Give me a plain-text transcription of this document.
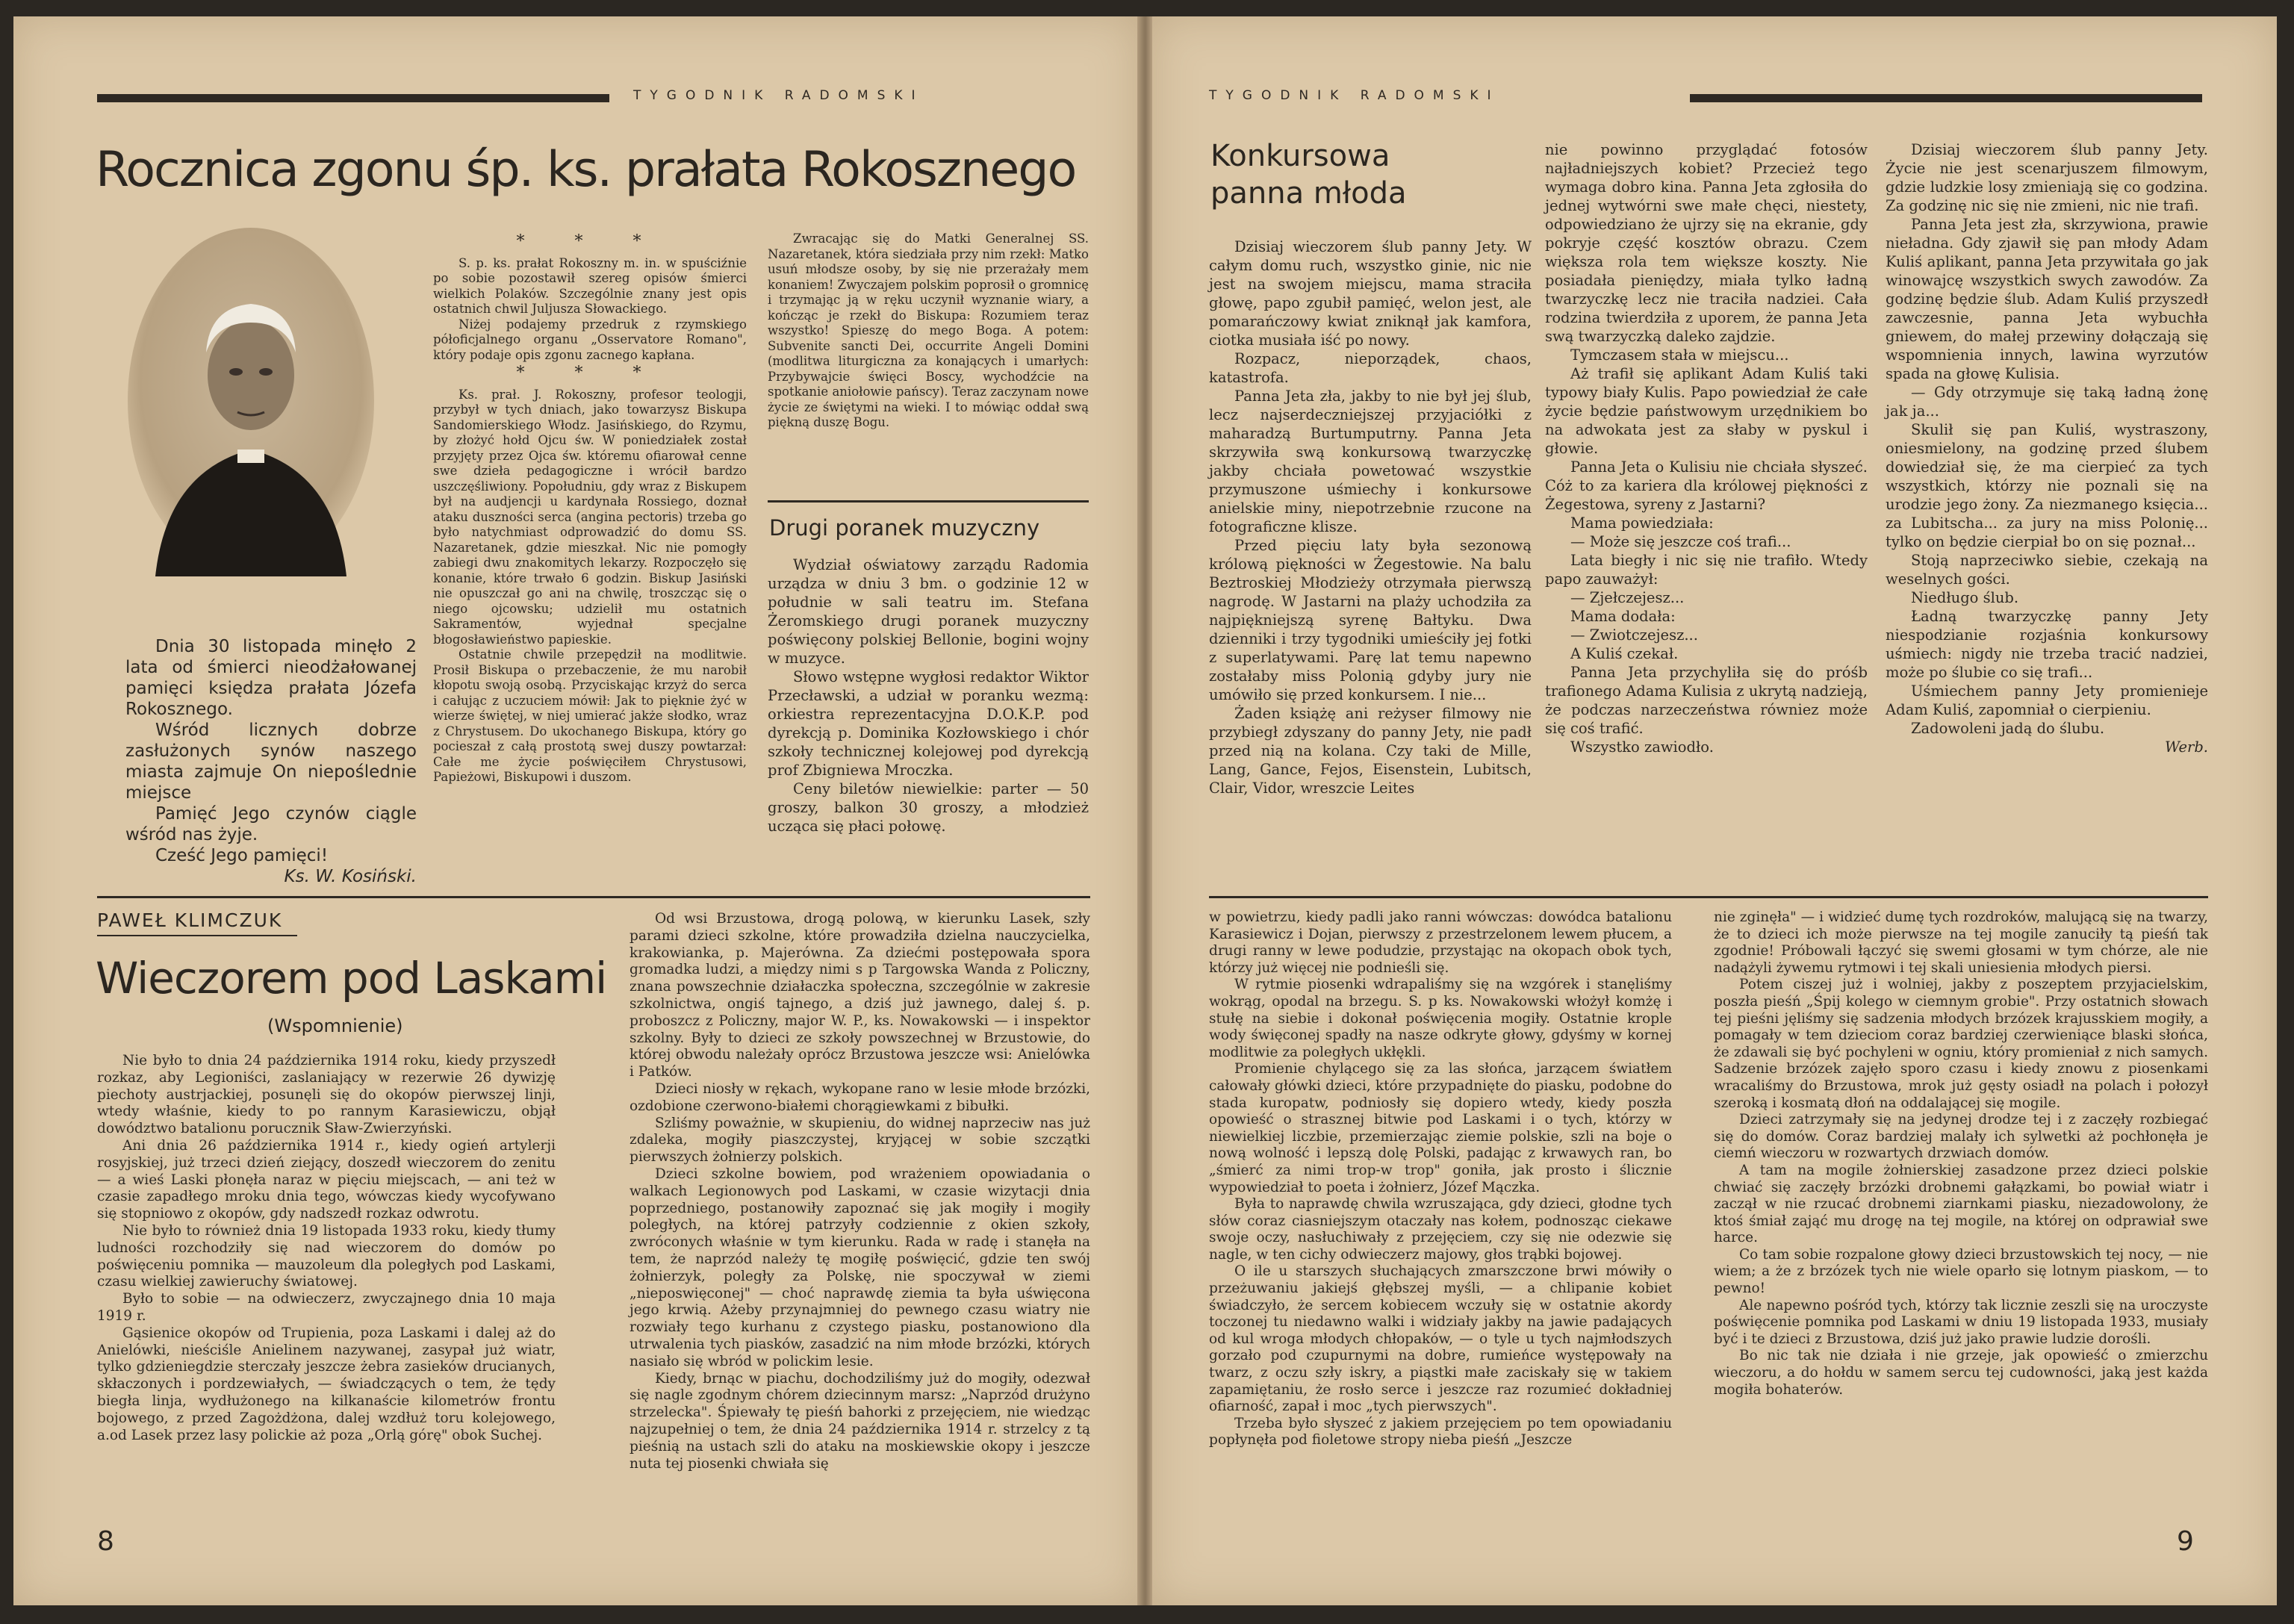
TYGODNIK RADOMSKI
Rocznica zgonu śp. ks. prałata Rokosznego

Dnia 30 listopada minęło 2 lata od śmierci nieodżałowanej pamięci księdza prałata Józefa Rokosznego.

Wśród licznych dobrze zasłużonych synów naszego miasta zajmuje On niepoślednie miejsce

Pamięć Jego czynów ciągle wśród nas żyje.

Cześć Jego pamięci!

Ks. W. Kosiński.

* * *

S. p. ks. prałat Rokoszny m. in. w spuściźnie po sobie pozostawił szereg opisów śmierci wielkich Polaków. Szczególnie znany jest opis ostatnich chwil Juljusza Słowackiego.

Niżej podajemy przedruk z rzymskiego półoficjalnego organu „Osservatore Romano", który podaje opis zgonu zacnego kapłana.

* * *

Ks. prał. J. Rokoszny, profesor teologji, przybył w tych dniach, jako towarzysz Biskupa Sandomierskiego Włodz. Jasińskiego, do Rzymu, by złożyć hołd Ojcu św. W poniedziałek został przyjęty przez Ojca św. któremu ofiarował cenne swe dzieła pedagogiczne i wrócił bardzo uszczęśliwiony. Popołudniu, gdy wraz z Biskupem był na audjencji u kardynała Rossiego, doznał ataku duszności serca (angina pectoris) trzeba go było natychmiast odprowadzić do domu SS. Nazaretanek, gdzie mieszkał. Nic nie pomogły zabiegi dwu znakomitych lekarzy. Rozpoczęło się konanie, które trwało 6 godzin. Biskup Jasiński nie opuszczał go ani na chwilę, troszcząc się o niego ojcowsku; udzielił mu ostatnich Sakramentów, wyjednał specjalne błogosławieństwo papieskie.

Ostatnie chwile przepędził na modlitwie. Prosił Biskupa o przebaczenie, że mu narobił kłopotu swoją osobą. Przyciskając krzyż do serca i całując z uczuciem mówił: Jak to pięknie żyć w wierze świętej, w niej umierać jakże słodko, wraz z Chrystusem. Do ukochanego Biskupa, który go pocieszał z całą prostotą swej duszy powtarzał: Całe me życie poświęciłem Chrystusowi, Papieżowi, Biskupowi i duszom.

Zwracając się do Matki Generalnej SS. Nazaretanek, która siedziała przy nim rzekł: Matko usuń młodsze osoby, by się nie przerażały mem konaniem! Zwyczajem polskim poprosił o gromnicę i trzymając ją w ręku uczynił wyznanie wiary, a kończąc je rzekł do Biskupa: Rozumiem teraz wszystko! Spieszę do mego Boga. A potem: Subvenite sancti Dei, occurrite Angeli Domini (modlitwa liturgiczna za konających i umarłych: Przybywajcie święci Boscy, wychodźcie na spotkanie aniołowie pańscy). Teraz zaczynam nowe życie ze świętymi na wieki. I to mówiąc oddał swą piękną duszę Bogu.

Drugi poranek muzyczny

Wydział oświatowy zarządu Radomia urządza w dniu 3 bm. o godzinie 12 w południe w sali teatru im. Stefana Żeromskiego drugi poranek muzyczny poświęcony polskiej Bellonie, bogini wojny w muzyce.

Słowo wstępne wygłosi redaktor Wiktor Przecławski, a udział w poranku wezmą: orkiestra reprezentacyjna D.O.K.P. pod dyrekcją p. Dominika Kozłowskiego i chór szkoły technicznej kolejowej pod dyrekcją prof Zbigniewa Mroczka.

Ceny biletów niewielkie: parter — 50 groszy, balkon 30 groszy, a młodzież ucząca się płaci połowę.

PAWEŁ KLIMCZUK
Wieczorem pod Laskami
(Wspomnienie)

Nie było to dnia 24 października 1914 roku, kiedy przyszedł rozkaz, aby Legioniści, zaslaniający w rezerwie 26 dywizję piechoty austrjackiej, posunęli się do okopów pierwszej linji, wtedy właśnie, kiedy to po rannym Karasiewiczu, objął dowództwo batalionu porucznik Sław-Zwierzyński.

Ani dnia 26 października 1914 r., kiedy ogień artylerji rosyjskiej, już trzeci dzień ziejący, doszedł wieczorem do zenitu — a wieś Laski płonęła naraz w pięciu miejscach, — ani też w czasie zapadłego mroku dnia tego, wówczas kiedy wycofywano się stopniowo z okopów, gdy nadszedł rozkaz odwrotu.

Nie było to również dnia 19 listopada 1933 roku, kiedy tłumy ludności rozchodziły się nad wieczorem do domów po poświęceniu pomnika — mauzoleum dla poległych pod Laskami, czasu wielkiej zawieruchy światowej.

Było to sobie — na odwieczerz, zwyczajnego dnia 10 maja 1919 r.

Gąsienice okopów od Trupienia, poza Laskami i dalej aż do Anielówki, nieściśle Anielinem nazywanej, zasypał już wiatr, tylko gdzieniegdzie sterczały jeszcze żebra zasieków drucianych, skłaczonych i pordzewiałych, — świadczących o tem, że tędy biegła linja, wydłużonego na kilkanaście kilometrów frontu bojowego, z przed Zagożdżona, dalej wzdłuż toru kolejowego, a.od Lasek przez lasy polickie aż poza „Orlą górę" obok Suchej.

Od wsi Brzustowa, drogą polową, w kierunku Lasek, szły parami dzieci szkolne, które prowadziła dzielna nauczycielka, krakowianka, p. Majerówna. Za dziećmi postępowała spora gromadka ludzi, a między nimi s p Targowska Wanda z Policzny, znana powszechnie działaczka społeczna, szczególnie w zakresie szkolnictwa, ongiś tajnego, a dziś już jawnego, dalej ś. p. proboszcz z Policzny, major W. P., ks. Nowakowski — i inspektor szkolny. Były to dzieci ze szkoły powszechnej w Brzustowie, do której obwodu należały oprócz Brzustowa jeszcze wsi: Anielówka i Patków.

Dzieci niosły w rękach, wykopane rano w lesie młode brzózki, ozdobione czerwono-białemi chorągiewkami z bibułki.

Szliśmy poważnie, w skupieniu, do widnej naprzeciw nas już zdaleka, mogiły piaszczystej, kryjącej w sobie szczątki pierwszych żołnierzy polskich.

Dzieci szkolne bowiem, pod wrażeniem opowiadania o walkach Legionowych pod Laskami, w czasie wizytacji dnia poprzedniego, postanowiły zapoznać się jak mogiły i mogiły poległych, na której patrzyły codziennie z okien szkoły, zwróconych właśnie w tym kierunku. Rada w radę i stanęła na tem, że naprzód należy tę mogiłę poświęcić, gdzie ten swój żołnierzyk, poległy za Polskę, nie spoczywał w ziemi „nieposwięconej" — choć naprawdę ziemia ta była uświęcona jego krwią. Ażeby przynajmniej do pewnego czasu wiatry nie rozwiały tego kurhanu z czystego piasku, postanowiono dla utrwalenia tych piasków, zasadzić na nim młode brzózki, których nasiało się wbród w polickim lesie.

Kiedy, brnąc w piachu, dochodziliśmy już do mogiły, odezwał się nagle zgodnym chórem dziecinnym marsz: „Naprzód drużyno strzelecka". Śpiewały tę pieśń bahorki z przejęciem, nie wiedząc najzupełniej o tem, że dnia 24 października 1914 r. strzelcy z tą pieśnią na ustach szli do ataku na moskiewskie okopy i jeszcze nuta tej piosenki chwiała się

8
TYGODNIK RADOMSKI
Konkursowa
panna młoda

Dzisiaj wieczorem ślub panny Jety. W całym domu ruch, wszystko ginie, nic nie jest na swojem miejscu, mama straciła głowę, papo zgubił pamięć, welon jest, ale pomarańczowy kwiat zniknął jak kamfora, ciotka musiała iść po nowy.

Rozpacz, nieporządek, chaos, katastrofa.

Panna Jeta zła, jakby to nie był jej ślub, lecz najserdeczniejszej przyjaciółki z maharadzą Burtumputrny. Panna Jeta skrzywiła swą konkursową twarzyczkę jakby chciała powetować wszystkie przymuszone uśmiechy i konkursowe anielskie miny, niepotrzebnie rzucone na fotograficzne klisze.

Przed pięciu laty była sezonową królową piękności w Żegestowie. Na balu Beztroskiej Młodzieży otrzymała pierwszą nagrodę. W Jastarni na plaży uchodziła za najpiękniejszą syrenę Bałtyku. Dwa dzienniki i trzy tygodniki umieściły jej fotki z superlatywami. Parę lat temu napewno zostałaby miss Polonią gdyby jury nie umówiło się przed konkursem. I nie...

Żaden książę ani reżyser filmowy nie przybiegł zdyszany do panny Jety, nie padł przed nią na kolana. Czy taki de Mille, Lang, Gance, Fejos, Eisenstein, Lubitsch, Clair, Vidor, wreszcie Leites

nie powinno przyglądać fotosów najładniejszych kobiet? Przecież tego wymaga dobro kina. Panna Jeta zgłosiła do jednej wytwórni swe małe chęci, niestety, odpowiedziano że ujrzy się na ekranie, gdy pokryje część kosztów obrazu. Czem większa rola tem większe koszty. Nie posiadała pieniędzy, miała tylko ładną twarzyczkę lecz nie traciła nadziei. Cała rodzina twierdziła z uporem, że panna Jeta swą twarzyczką daleko zajdzie.

Tymczasem stała w miejscu...

Aż trafił się aplikant Adam Kuliś taki typowy biały Kulis. Papo powiedział że całe życie będzie państwowym urzędnikiem bo na adwokata jest za słaby w pyskul i głowie.

Panna Jeta o Kulisiu nie chciała słyszeć. Cóż to za kariera dla królowej piękności z Żegestowa, syreny z Jastarni?

Mama powiedziała:

— Może się jeszcze coś trafi...

Lata biegły i nic się nie trafiło. Wtedy papo zauważył:

— Zjełczejesz...

Mama dodała:

— Zwiotczejesz...

A Kuliś czekał.

Panna Jeta przychyliła się do próśb trafionego Adama Kulisia z ukrytą nadzieją, że podczas narzeczeństwa równiez może się coś trafić.

Wszystko zawiodło.

Dzisiaj wieczorem ślub panny Jety. Życie nie jest scenarjuszem filmowym, gdzie ludzkie losy zmieniają się co godzina. Za godzinę nic się nie zmieni, nic nie trafi.

Panna Jeta jest zła, skrzywiona, prawie nieładna. Gdy zjawił się pan młody Adam Kuliś aplikant, panna Jeta przywitała go jak winowajcę wszystkich swych zawodów. Za godzinę będzie ślub. Adam Kuliś przyszedł zawczesnie, panna Jeta wybuchła gniewem, do małej przewiny dołączają się wspomnienia innych, lawina wyrzutów spada na głowę Kulisia.

— Gdy otrzymuje się taką ładną żonę jak ja...

Skulił się pan Kuliś, wystraszony, oniesmielony, na godzinę przed ślubem dowiedział się, że ma cierpieć za tych wszystkich, którzy nie poznali się na urodzie jego żony. Za niezmanego księcia... za Lubitscha... za jury na miss Polonię... tylko on będzie cierpiał bo on się poznał...

Stoją naprzeciwko siebie, czekają na weselnych gości.

Niedługo ślub.

Ładną twarzyczkę panny Jety niespodzianie rozjaśnia konkursowy uśmiech: nigdy nie trzeba tracić nadziei, może po ślubie co się trafi...

Uśmiechem panny Jety promienieje Adam Kuliś, zapomniał o cierpieniu.

Zadowoleni jadą do ślubu.

Werb.

w powietrzu, kiedy padli jako ranni wówczas: dowódca batalionu Karasiewicz i Dojan, pierwszy z przestrzelonem lewem płucem, a drugi ranny w lewe podudzie, przystając na okopach obok tych, którzy już więcej nie podnieśli się.

W rytmie piosenki wdrapaliśmy się na wzgórek i stanęliśmy wokrąg, opodal na brzegu. S. p ks. Nowakowski włożył komżę i stułę na siebie i dokonał poświęcenia mogiły. Ostatnie krople wody święconej spadły na nasze odkryte głowy, gdyśmy w kornej modlitwie za poległych ukłękli.

Promienie chylącego się za las słońca, jarzącem światłem całowały główki dzieci, które przypadnięte do piasku, podobne do stada kuropatw, podniosły się dopiero wtedy, kiedy poszła opowieść o strasznej bitwie pod Laskami i o tych, którzy w niewielkiej liczbie, przemierzając ziemie polskie, szli na boje o nową wolność i lepszą dolę Polski, padając z krwawych ran, bo „śmierć za nimi trop-w trop" goniła, jak prosto i ślicznie wypowiedział to poeta i żołnierz, Józef Mączka.

Była to naprawdę chwila wzruszająca, gdy dzieci, głodne tych słów coraz ciasniejszym otaczały nas kołem, podnosząc ciekawe swoje oczy, nasłuchiwały z przejęciem, czy się nie odezwie się nagle, w ten cichy odwieczerz majowy, głos trąbki bojowej.

O ile u starszych słuchających zmarszczone brwi mówiły o przeżuwaniu jakiejś głębszej myśli, — a chlipanie kobiet świadczyło, że sercem kobiecem wczuły się w ostatnie akordy toczonej tu niedawno walki i widziały jakby na jawie padających od kul wroga młodych chłopaków, — o tyle u tych najmłodszych gorzało pod czupurnymi na dobre, rumieńce występowały na twarz, z oczu szły iskry, a piąstki małe zaciskały się w takiem zapamiętaniu, że rosło serce i jeszcze raz rozumieć dokładniej ofiarność, zapał i moc „tych pierwszych".

Trzeba było słyszeć z jakiem przejęciem po tem opowiadaniu popłynęła pod fioletowe stropy nieba pieśń „Jeszcze

nie zginęła" — i widzieć dumę tych rozdroków, malującą się na twarzy, że to dzieci ich może pierwsze na tej mogile zanuciły tą pieśń tak zgodnie! Próbowali łączyć się swemi głosami w tym chórze, ale nie nadążyli żywemu rytmowi i tej skali uniesienia młodych piersi.

Potem ciszej już i wolniej, jakby z poszeptem przyjacielskim, poszła pieśń „Śpij kolego w ciemnym grobie". Przy ostatnich słowach tej pieśni jęliśmy się sadzenia młodych brzózek krajusskiem mogiły, a pomagały w tem dzieciom coraz bardziej czerwieniące blaski słońca, że zdawali się być pochyleni w ogniu, który promieniał z nich samych. Sadzenie brzózek zajęło sporo czasu i kiedy znowu z piosenkami wracaliśmy do Brzustowa, mrok już gęsty osiadł na polach i połozył szeroką i kosmatą dłoń na oddalającej się mogile.

Dzieci zatrzymały się na jedynej drodze tej i z zaczęły rozbiegać się do domów. Coraz bardziej malały ich sylwetki aż pochłonęła je ciemń wieczoru w rozwartych drzwiach domów.

A tam na mogile żołnierskiej zasadzone przez dzieci polskie chwiać się zaczęły brzózki drobnemi gałązkami, bo powiał wiatr i zaczął w nie rzucać drobnemi ziarnkami piasku, niezadowolony, że ktoś śmiał zająć mu drogę na tej mogile, na której on odprawiał swe harce.

Co tam sobie rozpalone głowy dzieci brzustowskich tej nocy, — nie wiem; a że z brzózek tych nie wiele oparło się lotnym piaskom, — to pewno!

Ale napewno pośród tych, którzy tak licznie zeszli się na uroczyste poświęcenie pomnika pod Laskami w dniu 19 listopada 1933, musiały być i te dzieci z Brzustowa, dziś już jako prawie ludzie dorośli.

Bo nic tak nie działa i nie grzeje, jak opowieść o zmierzchu wieczoru, a do hołdu w samem sercu tej cudowności, jaką jest każda mogiła bohaterów.

9
